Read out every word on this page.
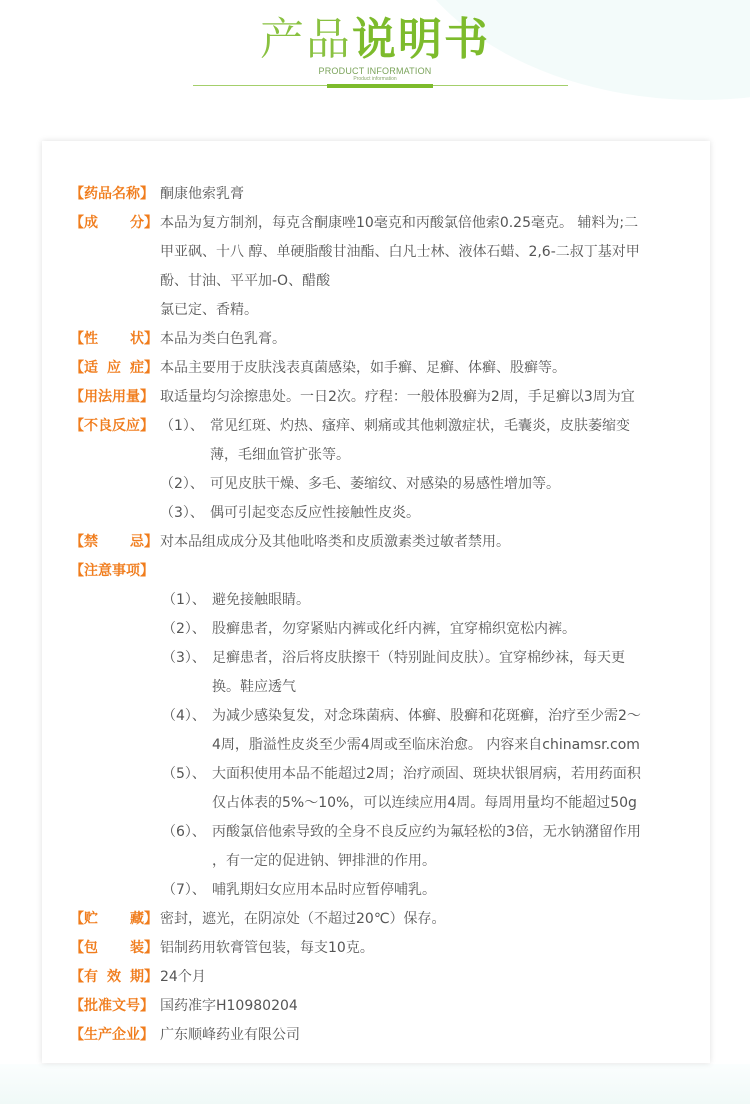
产品说明书
PRODUCT INFORMATION
Product information
【药品名称】 酮康他索乳膏
【成 分】 本品为复方制剂，每克含酮康唑10毫克和丙酸氯倍他索0.25毫克。 辅料为;二
甲亚砜、十八 醇、单硬脂酸甘油酯、白凡士林、液体石蜡、2,6-二叔丁基对甲
酚、甘油、平平加-O、醋酸
氯已定、香精。
【性 状】 本品为类白色乳膏。
【适 应 症】 本品主要用于皮肤浅表真菌感染，如手癣、足癣、体癣、股癣等。
【用法用量】 取适量均匀涂擦患处。一日2次。疗程：一般体股癣为2周，手足癣以3周为宜
【不良反应】 （1）、 常见红斑、灼热、瘙痒、刺痛或其他刺激症状，毛囊炎，皮肤萎缩变
薄，毛细血管扩张等。
（2）、 可见皮肤干燥、多毛、萎缩纹、对感染的易感性增加等。
（3）、 偶可引起变态反应性接触性皮炎。
【禁 忌】 对本品组成成分及其他吡咯类和皮质激素类过敏者禁用。
【注意事项】
（1）、 避免接触眼睛。
（2）、 股癣患者，勿穿紧贴内裤或化纤内裤，宜穿棉织宽松内裤。
（3）、 足癣患者，浴后将皮肤擦干（特别趾间皮肤）。宜穿棉纱袜，每天更
换。鞋应透气
（4）、 为减少感染复发，对念珠菌病、体癣、股癣和花斑癣，治疗至少需2～
4周，脂溢性皮炎至少需4周或至临床治愈。 内容来自chinamsr.com
（5）、 大面积使用本品不能超过2周；治疗顽固、斑块状银屑病，若用药面积
仅占体表的5%～10%，可以连续应用4周。每周用量均不能超过50g
（6）、 丙酸氯倍他索导致的全身不良反应约为氟轻松的3倍，无水钠潴留作用
，有一定的促进钠、钾排泄的作用。
（7）、 哺乳期妇女应用本品时应暂停哺乳。
【贮 藏】 密封，遮光，在阴凉处（不超过20℃）保存。
【包 装】 铝制药用软膏管包装，每支10克。
【有 效 期】 24个月
【批准文号】 国药准字H10980204
【生产企业】 广东顺峰药业有限公司
